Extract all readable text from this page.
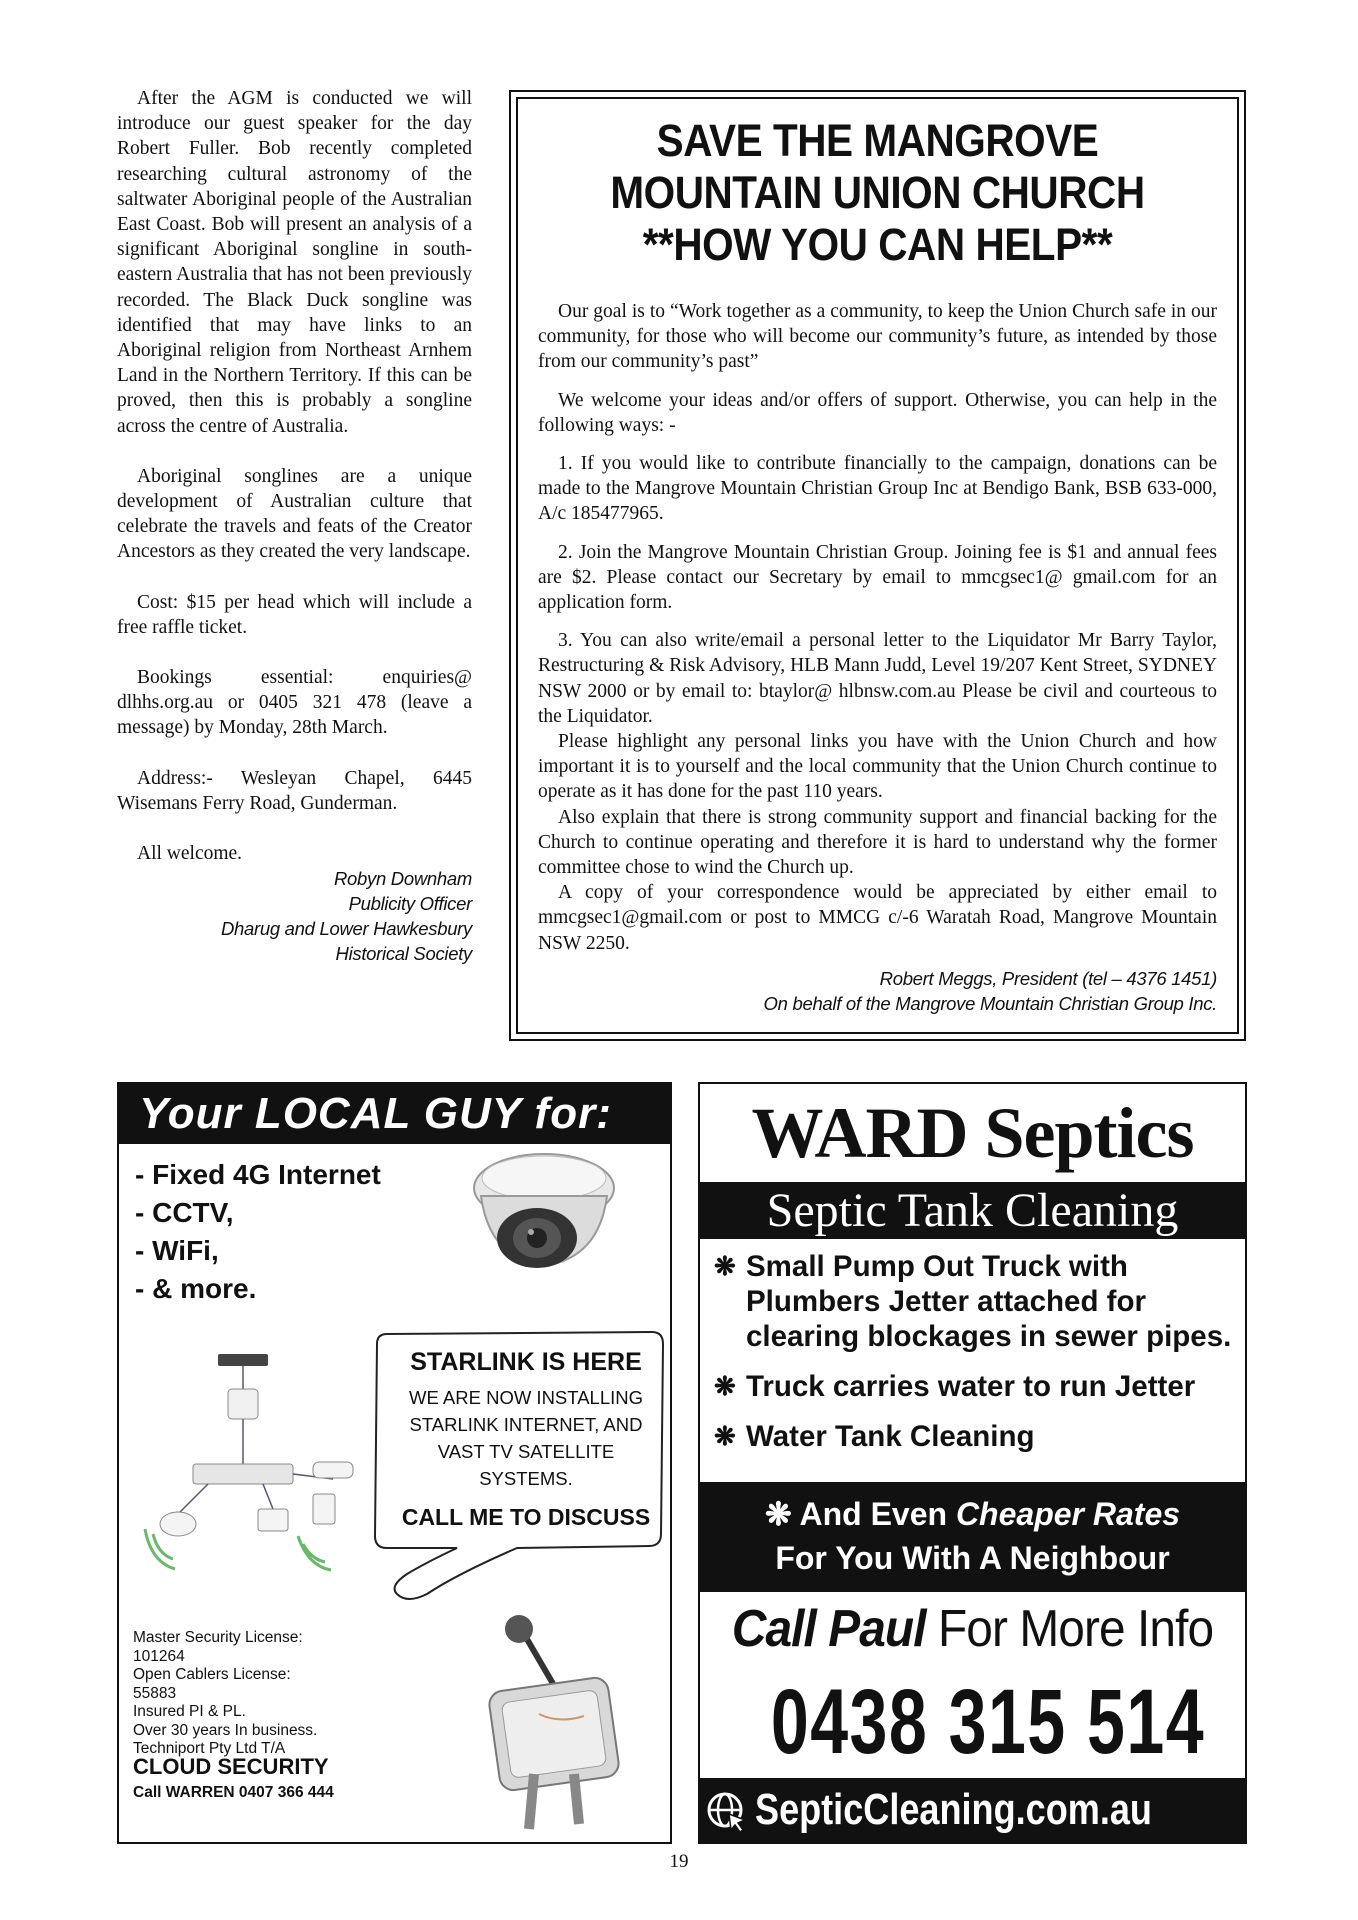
After the AGM is conducted we will introduce our guest speaker for the day Robert Fuller. Bob recently completed researching cultural astronomy of the saltwater Aboriginal people of the Australian East Coast. Bob will present an analysis of a significant Aboriginal songline in south-eastern Australia that has not been previously recorded. The Black Duck songline was identified that may have links to an Aboriginal religion from Northeast Arnhem Land in the Northern Territory. If this can be proved, then this is probably a songline across the centre of Australia.

Aboriginal songlines are a unique development of Australian culture that celebrate the travels and feats of the Creator Ancestors as they created the very landscape.

Cost: $15 per head which will include a free raffle ticket.

Bookings essential: enquiries@ dlhhs.org.au or 0405 321 478 (leave a message) by Monday, 28th March.

Address:- Wesleyan Chapel, 6445 Wisemans Ferry Road, Gunderman.

All welcome.

Robyn Downham
Publicity Officer
Dharug and Lower Hawkesbury
Historical Society
SAVE THE MANGROVE
MOUNTAIN UNION CHURCH
**HOW YOU CAN HELP**

Our goal is to “Work together as a community, to keep the Union Church safe in our community, for those who will become our community’s future, as intended by those from our community’s past”

We welcome your ideas and/or offers of support. Otherwise, you can help in the following ways: -

1. If you would like to contribute financially to the campaign, donations can be made to the Mangrove Mountain Christian Group Inc at Bendigo Bank, BSB 633-000, A/c 185477965.

2. Join the Mangrove Mountain Christian Group. Joining fee is $1 and annual fees are $2. Please contact our Secretary by email to mmcgsec1@ gmail.com for an application form.

3. You can also write/email a personal letter to the Liquidator Mr Barry Taylor, Restructuring & Risk Advisory, HLB Mann Judd, Level 19/207 Kent Street, SYDNEY NSW 2000 or by email to: btaylor@ hlbnsw.com.au Please be civil and courteous to the Liquidator.

Please highlight any personal links you have with the Union Church and how important it is to yourself and the local community that the Union Church continue to operate as it has done for the past 110 years.

Also explain that there is strong community support and financial backing for the Church to continue operating and therefore it is hard to understand why the former committee chose to wind the Church up.

A copy of your correspondence would be appreciated by either email to mmcgsec1@gmail.com or post to MMCG c/-6 Waratah Road, Mangrove Mountain NSW 2250.

Robert Meggs, President (tel – 4376 1451)
On behalf of the Mangrove Mountain Christian Group Inc.
Your LOCAL GUY for:
- Fixed 4G Internet
- CCTV,
- WiFi,
- & more.
STARLINK IS HERE
WE ARE NOW INSTALLING
STARLINK INTERNET, AND
VAST TV SATELLITE
SYSTEMS.
CALL ME TO DISCUSS
Master Security License:
101264
Open Cablers License:
55883
Insured PI & PL.
Over 30 years In business.
Techniport Pty Ltd T/A
CLOUD SECURITY
Call WARREN 0407 366 444
WARD Septics
Septic Tank Cleaning
❋ Small Pump Out Truck with Plumbers Jetter attached for clearing blockages in sewer pipes.
❋ Truck carries water to run Jetter
❋ Water Tank Cleaning
❋ And Even Cheaper Rates
For You With A Neighbour
Call Paul For More Info
0438 315 514
SepticCleaning.com.au
19
